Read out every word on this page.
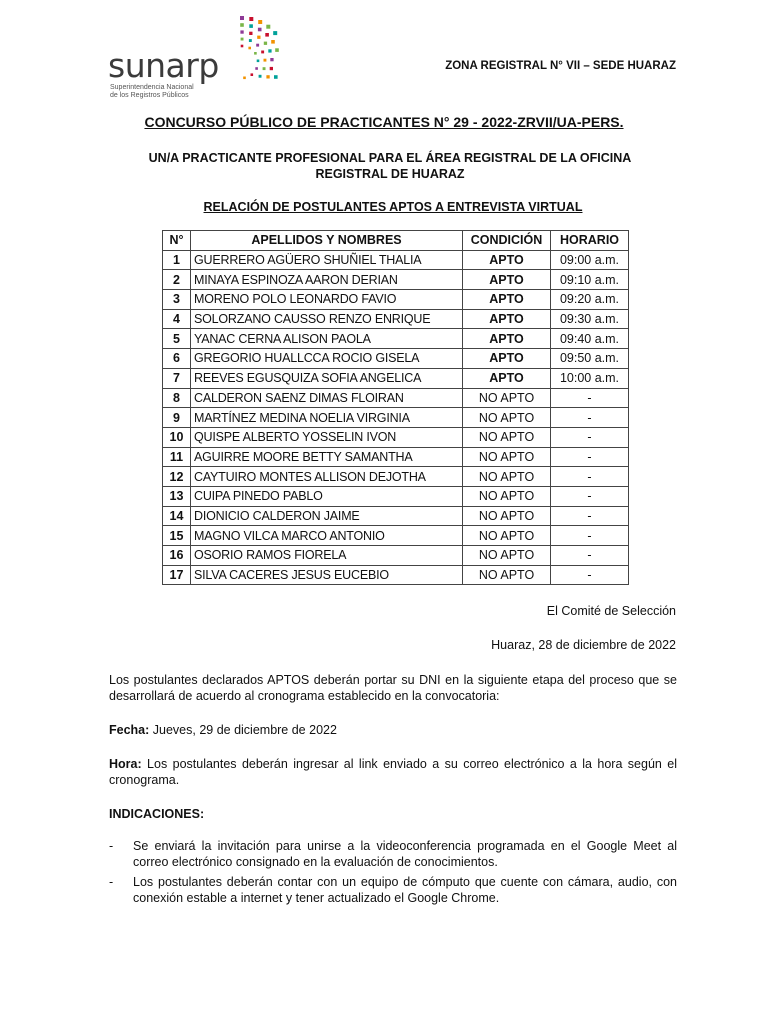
sunarp
Superintendencia Nacional
de los Registros Públicos
ZONA REGISTRAL N° VII – SEDE HUARAZ
CONCURSO PÚBLICO DE PRACTICANTES N° 29 - 2022-ZRVII/UA-PERS.
UN/A PRACTICANTE PROFESIONAL PARA EL ÁREA REGISTRAL DE LA OFICINA
REGISTRAL DE HUARAZ
RELACIÓN DE POSTULANTES APTOS A ENTREVISTA VIRTUAL
N°	APELLIDOS Y NOMBRES	CONDICIÓN	HORARIO
1	GUERRERO AGÜERO SHUÑIEL THALIA	APTO	09:00 a.m.
2	MINAYA ESPINOZA AARON DERIAN	APTO	09:10 a.m.
3	MORENO POLO LEONARDO FAVIO	APTO	09:20 a.m.
4	SOLORZANO CAUSSO RENZO ENRIQUE	APTO	09:30 a.m.
5	YANAC CERNA ALISON PAOLA	APTO	09:40 a.m.
6	GREGORIO HUALLCCA ROCIO GISELA	APTO	09:50 a.m.
7	REEVES EGUSQUIZA SOFIA ANGELICA	APTO	10:00 a.m.
8	CALDERON SAENZ DIMAS FLOIRAN	NO APTO	-
9	MARTÍNEZ MEDINA NOELIA VIRGINIA	NO APTO	-
10	QUISPE ALBERTO YOSSELIN IVON	NO APTO	-
11	AGUIRRE MOORE BETTY SAMANTHA	NO APTO	-
12	CAYTUIRO MONTES ALLISON DEJOTHA	NO APTO	-
13	CUIPA PINEDO PABLO	NO APTO	-
14	DIONICIO CALDERON JAIME	NO APTO	-
15	MAGNO VILCA MARCO ANTONIO	NO APTO	-
16	OSORIO RAMOS FIORELA	NO APTO	-
17	SILVA CACERES JESUS EUCEBIO	NO APTO	-
El Comité de Selección
Huaraz, 28 de diciembre de 2022
Los postulantes declarados APTOS deberán portar su DNI en la siguiente etapa del proceso que se desarrollará de acuerdo al cronograma establecido en la convocatoria:
Fecha: Jueves, 29 de diciembre de 2022
Hora: Los postulantes deberán ingresar al link enviado a su correo electrónico a la hora según el cronograma.
INDICACIONES:
- Se enviará la invitación para unirse a la videoconferencia programada en el Google Meet al correo electrónico consignado en la evaluación de conocimientos.
- Los postulantes deberán contar con un equipo de cómputo que cuente con cámara, audio, con conexión estable a internet y tener actualizado el Google Chrome.
